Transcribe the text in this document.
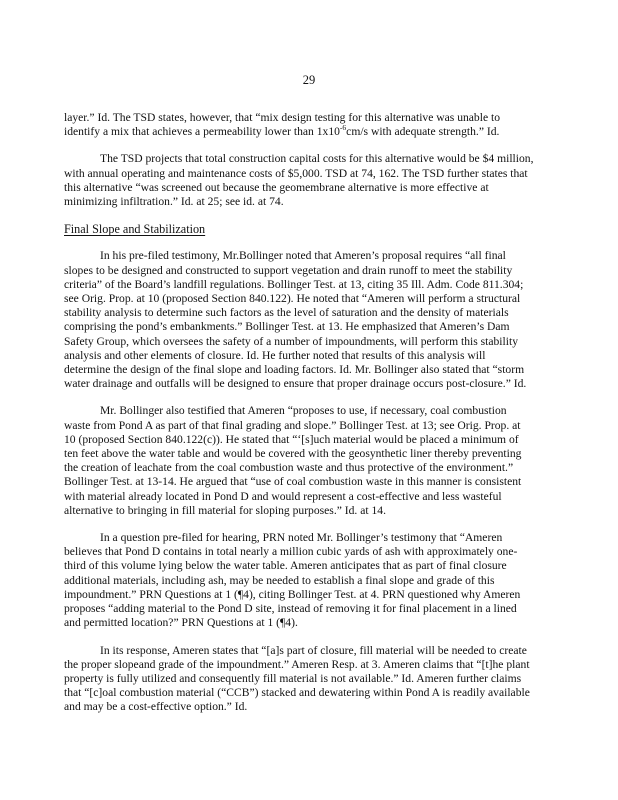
29

layer.” Id. The TSD states, however, that “mix design testing for this alternative was unable to identify a mix that achieves a permeability lower than $1x10^{-6}cm/s$ with adequate strength.” Id.

The TSD projects that total construction capital costs for this alternative would be $4 million, with annual operating and maintenance costs of $5,000. TSD at 74, 162. The TSD further states that this alternative “was screened out because the geomembrane alternative is more effective at minimizing infiltration.” Id. at 25; see id. at 74.

Final Slope and Stabilization

In his pre-filed testimony, Mr.Bollinger noted that Ameren’s proposal requires “all final slopes to be designed and constructed to support vegetation and drain runoff to meet the stability criteria” of the Board’s landfill regulations. Bollinger Test. at 13, citing 35 Ill. Adm. Code 811.304; see Orig. Prop. at 10 (proposed Section 840.122). He noted that “Ameren will perform a structural stability analysis to determine such factors as the level of saturation and the density of materials comprising the pond’s embankments.” Bollinger Test. at 13. He emphasized that Ameren’s Dam Safety Group, which oversees the safety of a number of impoundments, will perform this stability analysis and other elements of closure. Id. He further noted that results of this analysis will determine the design of the final slope and loading factors. Id. Mr. Bollinger also stated that “storm water drainage and outfalls will be designed to ensure that proper drainage occurs post-closure.” Id.

Mr. Bollinger also testified that Ameren “proposes to use, if necessary, coal combustion waste from Pond A as part of that final grading and slope.” Bollinger Test. at 13; see Orig. Prop. at 10 (proposed Section 840.122(c)). He stated that “‘[s]uch material would be placed a minimum of ten feet above the water table and would be covered with the geosynthetic liner thereby preventing the creation of leachate from the coal combustion waste and thus protective of the environment.” Bollinger Test. at 13-14. He argued that “use of coal combustion waste in this manner is consistent with material already located in Pond D and would represent a cost-effective and less wasteful alternative to bringing in fill material for sloping purposes.” Id. at 14.

In a question pre-filed for hearing, PRN noted Mr. Bollinger’s testimony that “Ameren believes that Pond D contains in total nearly a million cubic yards of ash with approximately one-third of this volume lying below the water table. Ameren anticipates that as part of final closure additional materials, including ash, may be needed to establish a final slope and grade of this impoundment.” PRN Questions at 1 (¶4), citing Bollinger Test. at 4. PRN questioned why Ameren proposes “adding material to the Pond D site, instead of removing it for final placement in a lined and permitted location?” PRN Questions at 1 (¶4).

In its response, Ameren states that “[a]s part of closure, fill material will be needed to create the proper slopeand grade of the impoundment.” Ameren Resp. at 3. Ameren claims that “[t]he plant property is fully utilized and consequently fill material is not available.” Id. Ameren further claims that “[c]oal combustion material (“CCB”) stacked and dewatering within Pond A is readily available and may be a cost-effective option.” Id.
